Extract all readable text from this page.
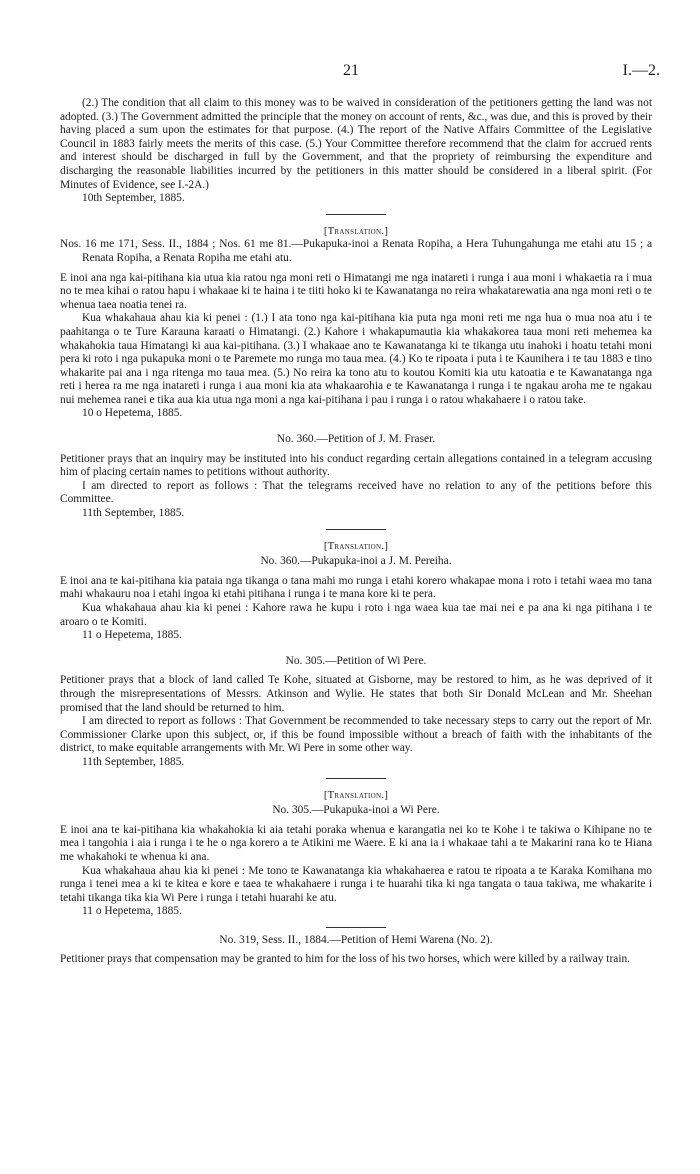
21	I.—2.

(2.) The condition that all claim to this money was to be waived in consideration of the petitioners getting the land was not adopted. (3.) The Government admitted the principle that the money on account of rents, &c., was due, and this is proved by their having placed a sum upon the estimates for that purpose. (4.) The report of the Native Affairs Committee of the Legislative Council in 1883 fairly meets the merits of this case. (5.) Your Committee therefore recommend that the claim for accrued rents and interest should be discharged in full by the Government, and that the propriety of reimbursing the expenditure and discharging the reasonable liabilities incurred by the petitioners in this matter should be considered in a liberal spirit. (For Minutes of Evidence, see I.-2A.)

10th September, 1885.

[Translation.]

Nos. 16 me 171, Sess. II., 1884 ; Nos. 61 me 81.—Pukapuka-inoi a Renata Ropiha, a Hera Tuhungahunga me etahi atu 15 ; a Renata Ropiha, a Renata Ropiha me etahi atu.

E inoi ana nga kai-pitihana kia utua kia ratou nga moni reti o Himatangi me nga inatareti i runga i aua moni i whakaetia ra i mua no te mea kihai o ratou hapu i whakaae ki te haina i te tiiti hoko ki te Kawanatanga no reira whakatarewatia ana nga moni reti o te whenua taea noatia tenei ra.

Kua whakahaua ahau kia ki penei : (1.) I ata tono nga kai-pitihana kia puta nga moni reti me nga hua o mua noa atu i te paahitanga o te Ture Karauna karaati o Himatangi. (2.) Kahore i whakapumautia kia whakakorea taua moni reti mehemea ka whakahokia taua Himatangi ki aua kai-pitihana. (3.) I whakaae ano te Kawanatanga ki te tikanga utu inahoki i hoatu tetahi moni pera ki roto i nga pukapuka moni o te Paremete mo runga mo taua mea. (4.) Ko te ripoata i puta i te Kaunihera i te tau 1883 e tino whakarite pai ana i nga ritenga mo taua mea. (5.) No reira ka tono atu to koutou Komiti kia utu katoatia e te Kawanatanga nga reti i herea ra me nga inatareti i runga i aua moni kia ata whakaarohia e te Kawanatanga i runga i te ngakau aroha me te ngakau nui mehemea ranei e tika aua kia utua nga moni a nga kai-pitihana i pau i runga i o ratou whakahaere i o ratou take.

10 o Hepetema, 1885.

No. 360.—Petition of J. M. Fraser.

Petitioner prays that an inquiry may be instituted into his conduct regarding certain allegations contained in a telegram accusing him of placing certain names to petitions without authority.

I am directed to report as follows : That the telegrams received have no relation to any of the petitions before this Committee.

11th September, 1885.

[Translation.]

No. 360.—Pukapuka-inoi a J. M. Pereiha.

E inoi ana te kai-pitihana kia pataia nga tikanga o tana mahi mo runga i etahi korero whakapae mona i roto i tetahi waea mo tana mahi whakauru noa i etahi ingoa ki etahi pitihana i runga i te mana kore ki te pera.

Kua whakahaua ahau kia ki penei : Kahore rawa he kupu i roto i nga waea kua tae mai nei e pa ana ki nga pitihana i te aroaro o te Komiti.

11 o Hepetema, 1885.

No. 305.—Petition of Wi Pere.

Petitioner prays that a block of land called Te Kohe, situated at Gisborne, may be restored to him, as he was deprived of it through the misrepresentations of Messrs. Atkinson and Wylie. He states that both Sir Donald McLean and Mr. Sheehan promised that the land should be returned to him.

I am directed to report as follows : That Government be recommended to take necessary steps to carry out the report of Mr. Commissioner Clarke upon this subject, or, if this be found impossible without a breach of faith with the inhabitants of the district, to make equitable arrangements with Mr. Wi Pere in some other way.

11th September, 1885.

[Translation.]

No. 305.—Pukapuka-inoi a Wi Pere.

E inoi ana te kai-pitihana kia whakahokia ki aia tetahi poraka whenua e karangatia nei ko te Kohe i te takiwa o Kihipane no te mea i tangohia i aia i runga i te he o nga korero a te Atikini me Waere. E ki ana ia i whakaae tahi a te Makarini rana ko te Hiana me whakahoki te whenua ki ana.

Kua whakahaua ahau kia ki penei : Me tono te Kawanatanga kia whakahaerea e ratou te ripoata a te Karaka Komihana mo runga i tenei mea a ki te kitea e kore e taea te whakahaere i runga i te huarahi tika ki nga tangata o taua takiwa, me whakarite i tetahi tikanga tika kia Wi Pere i runga i tetahi huarahi ke atu.

11 o Hepetema, 1885.

No. 319, Sess. II., 1884.—Petition of Hemi Warena (No. 2).

Petitioner prays that compensation may be granted to him for the loss of his two horses, which were killed by a railway train.
